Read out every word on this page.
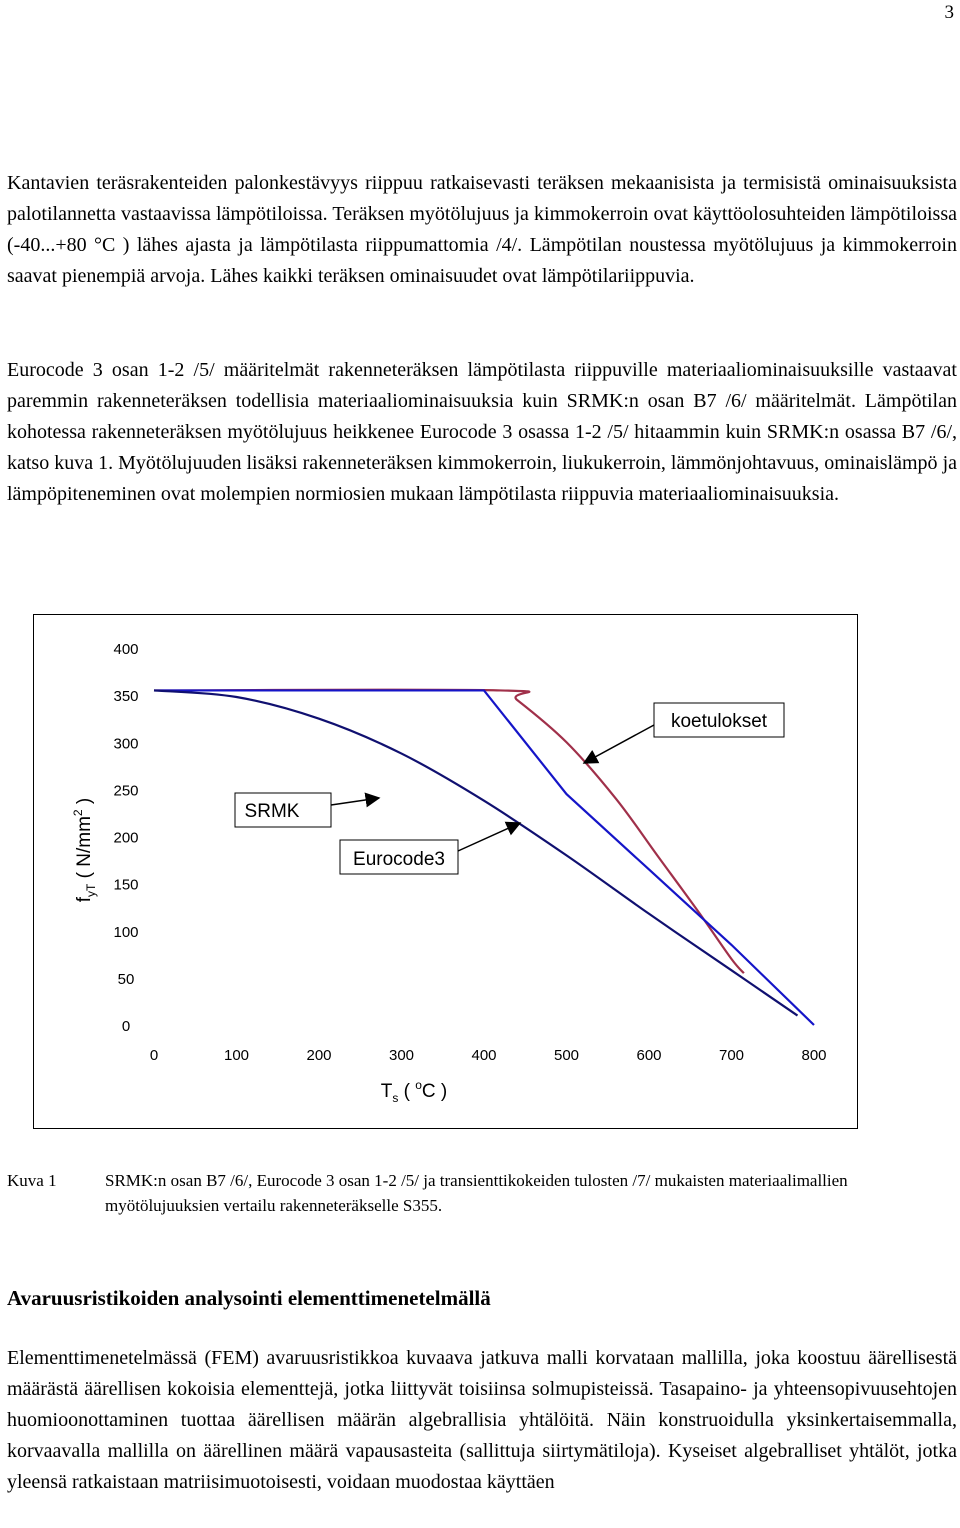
3

Kantavien teräsrakenteiden palonkestävyys riippuu ratkaisevasti teräksen mekaanisista ja termisistä ominaisuuksista palotilannetta vastaavissa lämpötiloissa. Teräksen myötölujuus ja kimmokerroin ovat käyttöolosuhteiden lämpötiloissa (-40...+80 °C ) lähes ajasta ja lämpötilasta riippumattomia /4/. Lämpötilan noustessa myötölujuus ja kimmokerroin saavat pienempiä arvoja. Lähes kaikki teräksen ominaisuudet ovat lämpötilariippuvia.

Eurocode 3 osan 1-2 /5/ määritelmät rakenneteräksen lämpötilasta riippuville materiaaliominaisuuksille vastaavat paremmin rakenneteräksen todellisia materiaaliominaisuuksia kuin SRMK:n osan B7 /6/ määritelmät. Lämpötilan kohotessa rakenneteräksen myötölujuus heikkenee Eurocode 3 osassa 1-2 /5/ hitaammin kuin SRMK:n osassa B7 /6/, katso kuva 1. Myötölujuuden lisäksi rakenneteräksen kimmokerroin, liukukerroin, lämmönjohtavuus, ominaislämpö ja lämpöpiteneminen ovat molempien normiosien mukaan lämpötilasta riippuvia materiaaliominaisuuksia.

0
50
100
150
200
250
300
350
400
0	100	200	300	400	500	600	700	800
koetulokset
SRMK
Eurocode3
$T_s$ ( $^o$C )
$f_{yT}$ ( $N/mm^2$ )
Kuva 1	SRMK:n osan B7 /6/, Eurocode 3 osan 1-2 /5/ ja transienttikokeiden tulosten /7/ mukaisten materiaalimallien myötölujuuksien vertailu rakenneteräkselle S355.
Avaruusristikoiden analysointi elementtimenetelmällä

Elementtimenetelmässä (FEM) avaruusristikkoa kuvaava jatkuva malli korvataan mallilla, joka koostuu äärellisestä määrästä äärellisen kokoisia elementtejä, jotka liittyvät toisiinsa solmupisteissä. Tasapaino- ja yhteensopivuusehtojen huomioonottaminen tuottaa äärellisen määrän algebrallisia yhtälöitä. Näin konstruoidulla yksinkertaisemmalla, korvaavalla mallilla on äärellinen määrä vapausasteita (sallittuja siirtymätiloja). Kyseiset algebralliset yhtälöt, jotka yleensä ratkaistaan matriisimuotoisesti, voidaan muodostaa käyttäen
